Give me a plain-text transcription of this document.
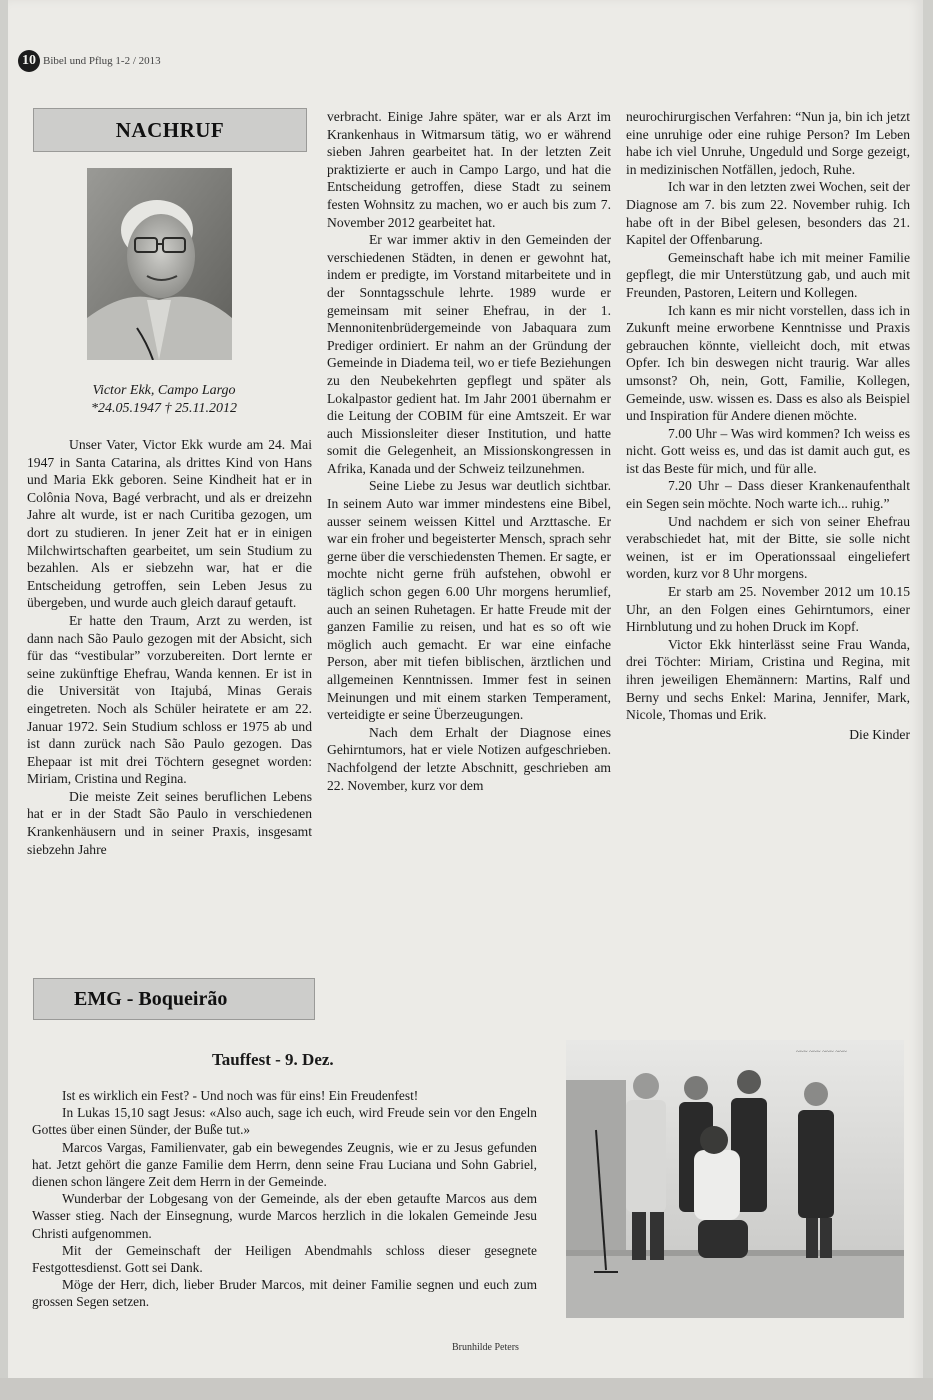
10 Bibel und Pflug 1-2 / 2013
NACHRUF
Victor Ekk, Campo Largo
*24.05.1947 † 25.11.2012

Unser Vater, Victor Ekk wurde am 24. Mai 1947 in Santa Catarina, als drittes Kind von Hans und Maria Ekk geboren. Seine Kindheit hat er in Colônia Nova, Bagé verbracht, und als er dreizehn Jahre alt wurde, ist er nach Curitiba gezogen, um dort zu studieren. In jener Zeit hat er in einigen Milchwirtschaften gearbeitet, um sein Studium zu bezahlen. Als er siebzehn war, hat er die Entscheidung getroffen, sein Leben Jesus zu übergeben, und wurde auch gleich darauf getauft.

Er hatte den Traum, Arzt zu werden, ist dann nach São Paulo gezogen mit der Absicht, sich für das “vestibular” vorzubereiten. Dort lernte er seine zukünftige Ehefrau, Wanda kennen. Er ist in die Universität von Itajubá, Minas Gerais eingetreten. Noch als Schüler heiratete er am 22. Januar 1972. Sein Studium schloss er 1975 ab und ist dann zurück nach São Paulo gezogen. Das Ehepaar ist mit drei Töchtern gesegnet worden: Miriam, Cristina und Regina.

Die meiste Zeit seines beruflichen Lebens hat er in der Stadt São Paulo in verschiedenen Krankenhäusern und in seiner Praxis, insgesamt siebzehn Jahre

verbracht. Einige Jahre später, war er als Arzt im Krankenhaus in Witmarsum tätig, wo er während sieben Jahren gearbeitet hat. In der letzten Zeit praktizierte er auch in Campo Largo, und hat die Entscheidung getroffen, diese Stadt zu seinem festen Wohnsitz zu machen, wo er auch bis zum 7. November 2012 gearbeitet hat.

Er war immer aktiv in den Gemeinden der verschiedenen Städten, in denen er gewohnt hat, indem er predigte, im Vorstand mitarbeitete und in der Sonntagsschule lehrte. 1989 wurde er gemeinsam mit seiner Ehefrau, in der 1. Mennonitenbrüdergemeinde von Jabaquara zum Prediger ordiniert. Er nahm an der Gründung der Gemeinde in Diadema teil, wo er tiefe Beziehungen zu den Neubekehrten gepflegt und später als Lokalpastor gedient hat. Im Jahr 2001 übernahm er die Leitung der COBIM für eine Amtszeit. Er war auch Missionsleiter dieser Institution, und hatte somit die Gelegenheit, an Missionskongressen in Afrika, Kanada und der Schweiz teilzunehmen.

Seine Liebe zu Jesus war deutlich sichtbar. In seinem Auto war immer mindestens eine Bibel, ausser seinem weissen Kittel und Arzttasche. Er war ein froher und begeisterter Mensch, sprach sehr gerne über die verschiedensten Themen. Er sagte, er mochte nicht gerne früh aufstehen, obwohl er täglich schon gegen 6.00 Uhr morgens herumlief, auch an seinen Ruhetagen. Er hatte Freude mit der ganzen Familie zu reisen, und hat es so oft wie möglich auch gemacht. Er war eine einfache Person, aber mit tiefen biblischen, ärztlichen und allgemeinen Kenntnissen. Immer fest in seinen Meinungen und mit einem starken Temperament, verteidigte er seine Überzeugungen.

Nach dem Erhalt der Diagnose eines Gehirntumors, hat er viele Notizen aufgeschrieben. Nachfolgend der letzte Abschnitt, geschrieben am 22. November, kurz vor dem

neurochirurgischen Verfahren: “Nun ja, bin ich jetzt eine unruhige oder eine ruhige Person? Im Leben habe ich viel Unruhe, Ungeduld und Sorge gezeigt, in medizinischen Notfällen, jedoch, Ruhe.

Ich war in den letzten zwei Wochen, seit der Diagnose am 7. bis zum 22. November ruhig. Ich habe oft in der Bibel gelesen, besonders das 21. Kapitel der Offenbarung.

Gemeinschaft habe ich mit meiner Familie gepflegt, die mir Unterstützung gab, und auch mit Freunden, Pastoren, Leitern und Kollegen.

Ich kann es mir nicht vorstellen, dass ich in Zukunft meine erworbene Kenntnisse und Praxis gebrauchen könnte, vielleicht doch, mit etwas Opfer. Ich bin deswegen nicht traurig. War alles umsonst? Oh, nein, Gott, Familie, Kollegen, Gemeinde, usw. wissen es. Dass es also als Beispiel und Inspiration für Andere dienen möchte.

7.00 Uhr – Was wird kommen? Ich weiss es nicht. Gott weiss es, und das ist damit auch gut, es ist das Beste für mich, und für alle.

7.20 Uhr – Dass dieser Krankenaufenthalt ein Segen sein möchte. Noch warte ich... ruhig.”

Und nachdem er sich von seiner Ehefrau verabschiedet hat, mit der Bitte, sie solle nicht weinen, ist er im Operationssaal eingeliefert worden, kurz vor 8 Uhr morgens.

Er starb am 25. November 2012 um 10.15 Uhr, an den Folgen eines Gehirntumors, einer Hirnblutung und zu hohen Druck im Kopf.

Victor Ekk hinterlässt seine Frau Wanda, drei Töchter: Miriam, Cristina und Regina, mit ihren jeweiligen Ehemännern: Martins, Ralf und Berny und sechs Enkel: Marina, Jennifer, Mark, Nicole, Thomas und Erik.

Die Kinder

EMG - Boqueirão
Tauffest - 9. Dez.

Ist es wirklich ein Fest? - Und noch was für eins! Ein Freudenfest!

In Lukas 15,10 sagt Jesus: «Also auch, sage ich euch, wird Freude sein vor den Engeln Gottes über einen Sünder, der Buße tut.»

Marcos Vargas, Familienvater, gab ein bewegendes Zeugnis, wie er zu Jesus gefunden hat. Jetzt gehört die ganze Familie dem Herrn, denn seine Frau Luciana und Sohn Gabriel, dienen schon längere Zeit dem Herrn in der Gemeinde.

Wunderbar der Lobgesang von der Gemeinde, als der eben getaufte Marcos aus dem Wasser stieg. Nach der Einsegnung, wurde Marcos herzlich in die lokalen Gemeinde Jesu Christi aufgenommen.

Mit der Gemeinschaft der Heiligen Abendmahls schloss dieser gesegnete Festgottesdienst. Gott sei Dank.

Möge der Herr, dich, lieber Bruder Marcos, mit deiner Familie segnen und euch zum grossen Segen setzen.

Brunhilde Peters
~~~ ~~~ ~~~ ~~~
